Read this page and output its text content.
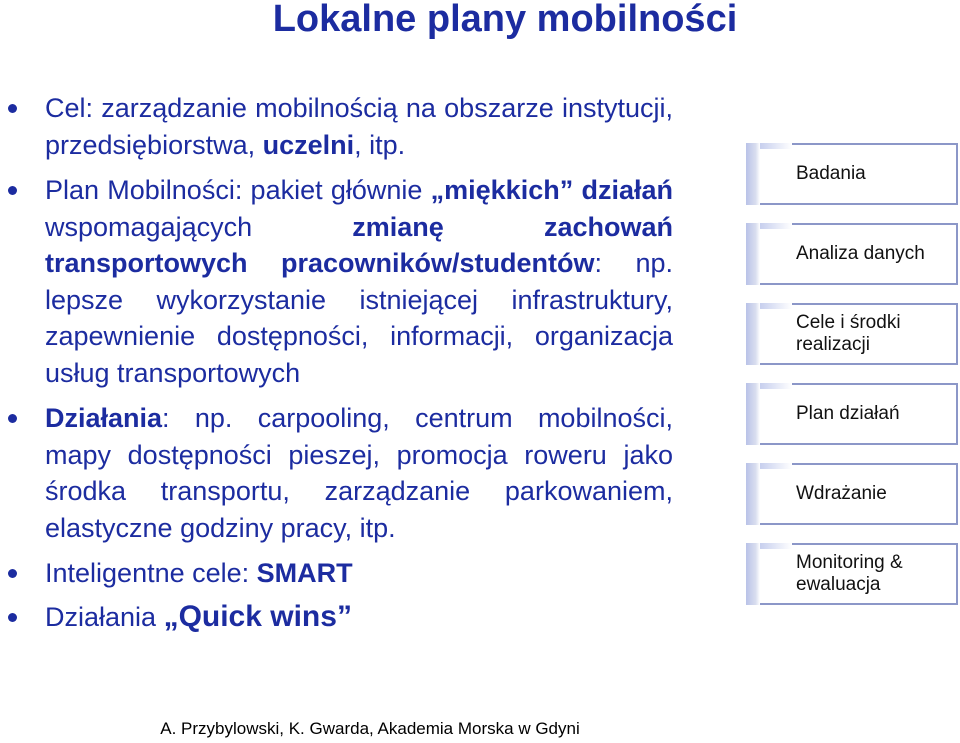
Lokalne plany mobilności
Cel: zarządzanie mobilnością na obszarze instytucji, przedsiębiorstwa, uczelni, itp.
Plan Mobilności: pakiet głównie „miękkich” działań wspomagających zmianę zachowań transportowych pracowników/studentów: np. lepsze wykorzystanie istniejącej infrastruktury, zapewnienie dostępności, informacji, organizacja usług transportowych
Działania: np. carpooling, centrum mobilności, mapy dostępności pieszej, promocja roweru jako środka transportu, zarządzanie parkowaniem, elastyczne godziny pracy, itp.
Inteligentne cele: SMART
Działania „Quick wins”
Badania
Analiza danych
Cele i środki realizacji
Plan działań
Wdrażanie
Monitoring & ewaluacja
A. Przybylowski, K. Gwarda, Akademia Morska w Gdyni
